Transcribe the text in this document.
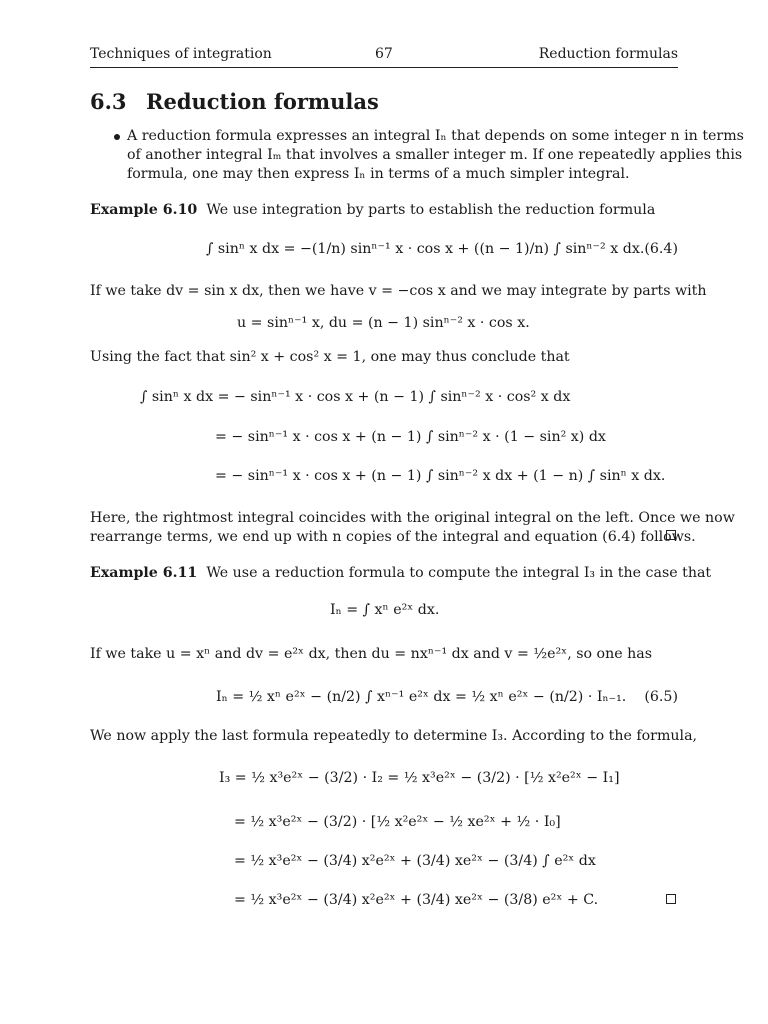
Techniques of integration	67	Reduction formulas
6.3 Reduction formulas
A reduction formula expresses an integral Iₙ that depends on some integer n in terms
of another integral Iₘ that involves a smaller integer m. If one repeatedly applies this
formula, one may then express Iₙ in terms of a much simpler integral.
Example 6.10 We use integration by parts to establish the reduction formula
∫ sinⁿ x dx = −(1/n) sinⁿ⁻¹ x · cos x + ((n − 1)/n) ∫ sinⁿ⁻² x dx. (6.4)
If we take dv = sin x dx, then we have v = −cos x and we may integrate by parts with
u = sinⁿ⁻¹ x, du = (n − 1) sinⁿ⁻² x · cos x.
Using the fact that sin² x + cos² x = 1, one may thus conclude that
∫ sinⁿ x dx = − sinⁿ⁻¹ x · cos x + (n − 1) ∫ sinⁿ⁻² x · cos² x dx
= − sinⁿ⁻¹ x · cos x + (n − 1) ∫ sinⁿ⁻² x · (1 − sin² x) dx
= − sinⁿ⁻¹ x · cos x + (n − 1) ∫ sinⁿ⁻² x dx + (1 − n) ∫ sinⁿ x dx.
Here, the rightmost integral coincides with the original integral on the left. Once we now
rearrange terms, we end up with n copies of the integral and equation (6.4) follows.
Example 6.11 We use a reduction formula to compute the integral I₃ in the case that
Iₙ = ∫ xⁿ e²ˣ dx.
If we take u = xⁿ and dv = e²ˣ dx, then du = nxⁿ⁻¹ dx and v = ½e²ˣ, so one has
Iₙ = ½ xⁿ e²ˣ − (n/2) ∫ xⁿ⁻¹ e²ˣ dx = ½ xⁿ e²ˣ − (n/2) · Iₙ₋₁. (6.5)
We now apply the last formula repeatedly to determine I₃. According to the formula,
I₃ = ½ x³e²ˣ − (3/2) · I₂ = ½ x³e²ˣ − (3/2) · [½ x²e²ˣ − I₁]
= ½ x³e²ˣ − (3/2) · [½ x²e²ˣ − ½ xe²ˣ + ½ · I₀]
= ½ x³e²ˣ − (3/4) x²e²ˣ + (3/4) xe²ˣ − (3/4) ∫ e²ˣ dx
= ½ x³e²ˣ − (3/4) x²e²ˣ + (3/4) xe²ˣ − (3/8) e²ˣ + C.
